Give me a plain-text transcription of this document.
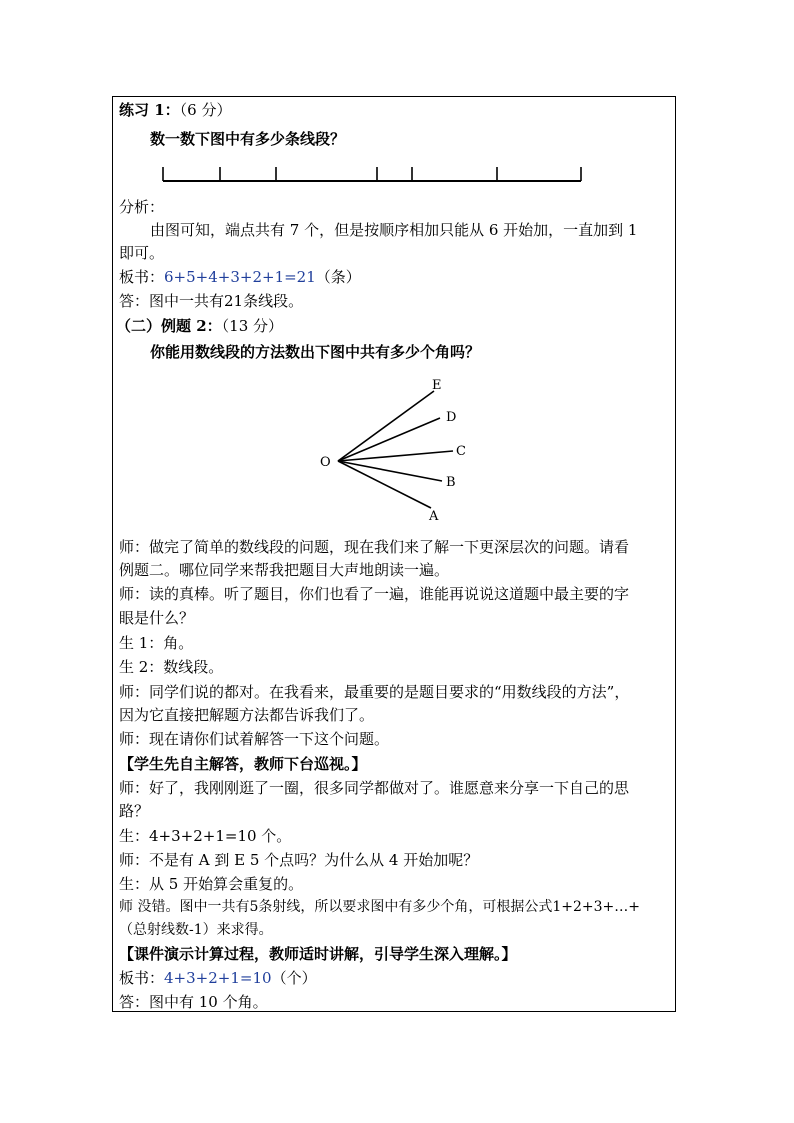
练习 1：（6 分）
数一数下图中有多少条线段？
分析：
由图可知，端点共有 7 个，但是按顺序相加只能从 6 开始加，一直加到 1
即可。
板书：6+5+4+3+2+1=21（条）
答：图中一共有21条线段。
（二）例题 2：（13 分）
你能用数线段的方法数出下图中共有多少个角吗？
O
E
D
C
B
A
师：做完了简单的数线段的问题，现在我们来了解一下更深层次的问题。请看
例题二。哪位同学来帮我把题目大声地朗读一遍。
师：读的真棒。听了题目，你们也看了一遍，谁能再说说这道题中最主要的字
眼是什么？
生 1：角。
生 2：数线段。
师：同学们说的都对。在我看来，最重要的是题目要求的“用数线段的方法”，
因为它直接把解题方法都告诉我们了。
师：现在请你们试着解答一下这个问题。
【学生先自主解答，教师下台巡视。】
师：好了，我刚刚逛了一圈，很多同学都做对了。谁愿意来分享一下自己的思
路？
生：4+3+2+1=10 个。
师：不是有 A 到 E 5 个点吗？为什么从 4 开始加呢？
生：从 5 开始算会重复的。
师 没错。图中一共有5条射线，所以要求图中有多少个角，可根据公式1+2+3+…+
（总射线数-1）来求得。
【课件演示计算过程，教师适时讲解，引导学生深入理解。】
板书：4+3+2+1=10（个）
答：图中有 10 个角。
